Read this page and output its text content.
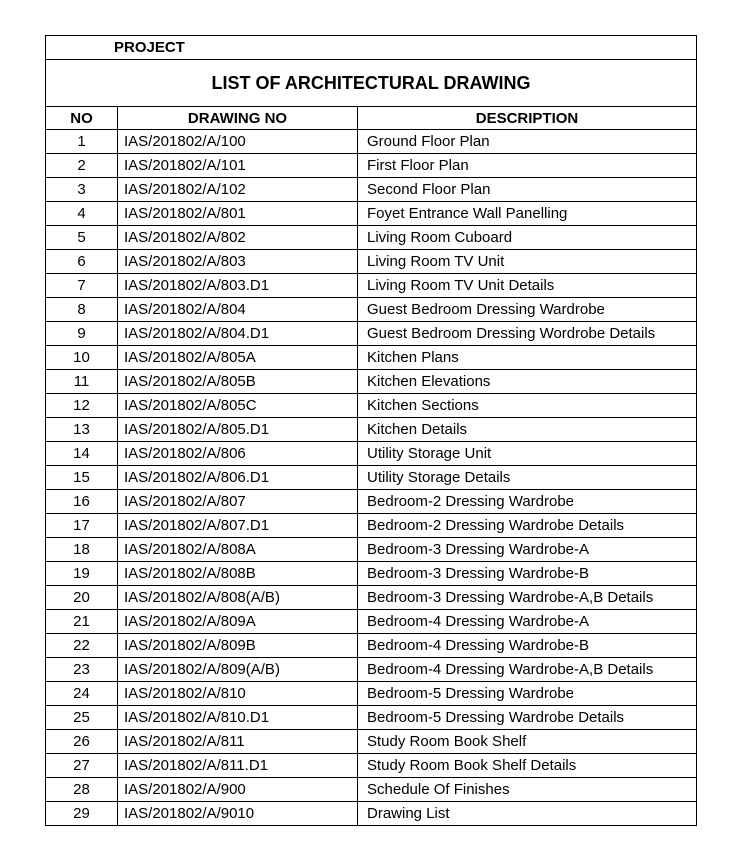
PROJECT		
LIST OF ARCHITECTURAL DRAWING		
NO	DRAWING NO	DESCRIPTION
1	IAS/201802/A/100	Ground Floor Plan
2	IAS/201802/A/101	First Floor Plan
3	IAS/201802/A/102	Second Floor Plan
4	IAS/201802/A/801	Foyet Entrance Wall Panelling
5	IAS/201802/A/802	Living Room Cuboard
6	IAS/201802/A/803	Living Room TV Unit
7	IAS/201802/A/803.D1	Living Room TV Unit Details
8	IAS/201802/A/804	Guest Bedroom Dressing Wardrobe
9	IAS/201802/A/804.D1	Guest Bedroom Dressing Wordrobe Details
10	IAS/201802/A/805A	Kitchen Plans
11	IAS/201802/A/805B	Kitchen Elevations
12	IAS/201802/A/805C	Kitchen Sections
13	IAS/201802/A/805.D1	Kitchen Details
14	IAS/201802/A/806	Utility Storage Unit
15	IAS/201802/A/806.D1	Utility Storage Details
16	IAS/201802/A/807	Bedroom-2 Dressing Wardrobe
17	IAS/201802/A/807.D1	Bedroom-2 Dressing Wardrobe Details
18	IAS/201802/A/808A	Bedroom-3 Dressing Wardrobe-A
19	IAS/201802/A/808B	Bedroom-3 Dressing Wardrobe-B
20	IAS/201802/A/808(A/B)	Bedroom-3 Dressing Wardrobe-A,B Details
21	IAS/201802/A/809A	Bedroom-4 Dressing Wardrobe-A
22	IAS/201802/A/809B	Bedroom-4 Dressing Wardrobe-B
23	IAS/201802/A/809(A/B)	Bedroom-4 Dressing Wardrobe-A,B Details
24	IAS/201802/A/810	Bedroom-5 Dressing Wardrobe
25	IAS/201802/A/810.D1	Bedroom-5 Dressing Wardrobe Details
26	IAS/201802/A/811	Study Room Book Shelf
27	IAS/201802/A/811.D1	Study Room Book Shelf Details
28	IAS/201802/A/900	Schedule Of Finishes
29	IAS/201802/A/9010	Drawing List
